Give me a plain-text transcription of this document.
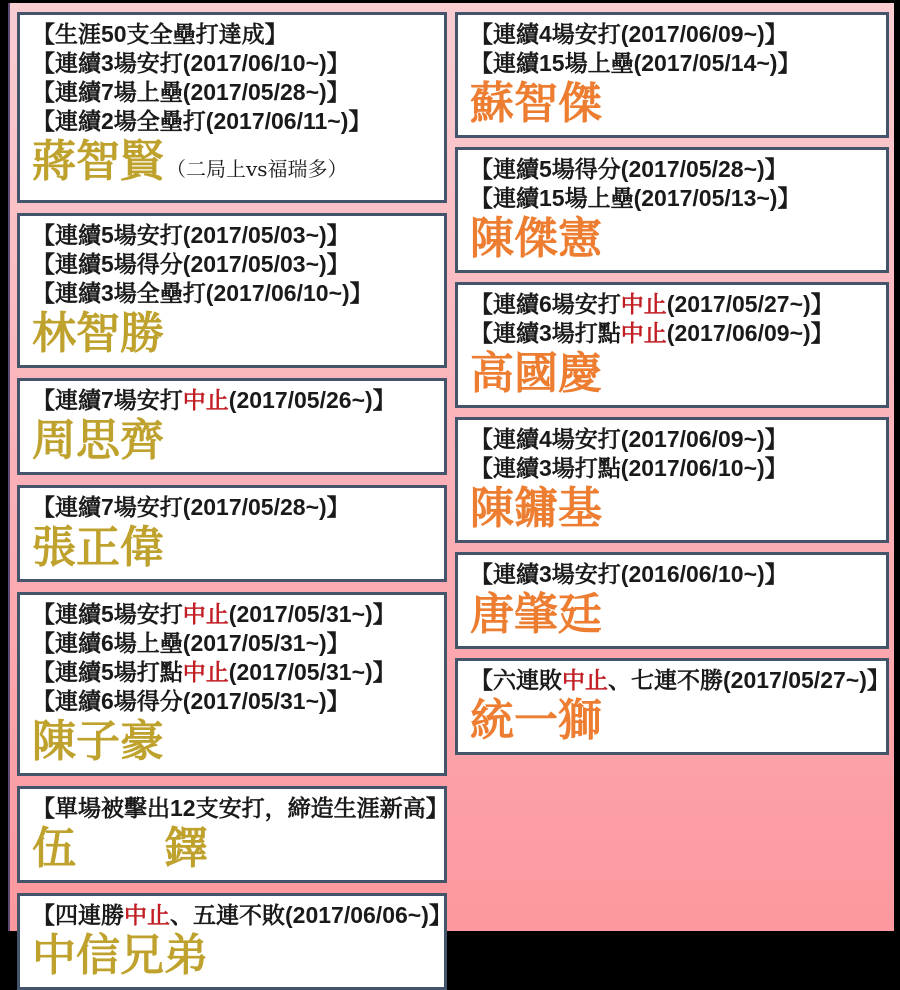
【生涯50支全壘打達成】
【連續3場安打(2017/06/10~)】
【連續7場上壘(2017/05/28~)】
【連續2場全壘打(2017/06/11~)】
蔣智賢 （二局上vs福瑞多）
【連續5場安打(2017/05/03~)】
【連續5場得分(2017/05/03~)】
【連續3場全壘打(2017/06/10~)】
林智勝
【連續7場安打中止(2017/05/26~)】
周思齊
【連續7場安打(2017/05/28~)】
張正偉
【連續5場安打中止(2017/05/31~)】
【連續6場上壘(2017/05/31~)】
【連續5場打點中止(2017/05/31~)】
【連續6場得分(2017/05/31~)】
陳子豪
【單場被擊出12支安打，締造生涯新高】
伍　　鐸
【四連勝中止、五連不敗(2017/06/06~)】
中信兄弟
【連續4場安打(2017/06/09~)】
【連續15場上壘(2017/05/14~)】
蘇智傑
【連續5場得分(2017/05/28~)】
【連續15場上壘(2017/05/13~)】
陳傑憲
【連續6場安打中止(2017/05/27~)】
【連續3場打點中止(2017/06/09~)】
高國慶
【連續4場安打(2017/06/09~)】
【連續3場打點(2017/06/10~)】
陳鏞基
【連續3場安打(2016/06/10~)】
唐肇廷
【六連敗中止、七連不勝(2017/05/27~)】
統一獅
